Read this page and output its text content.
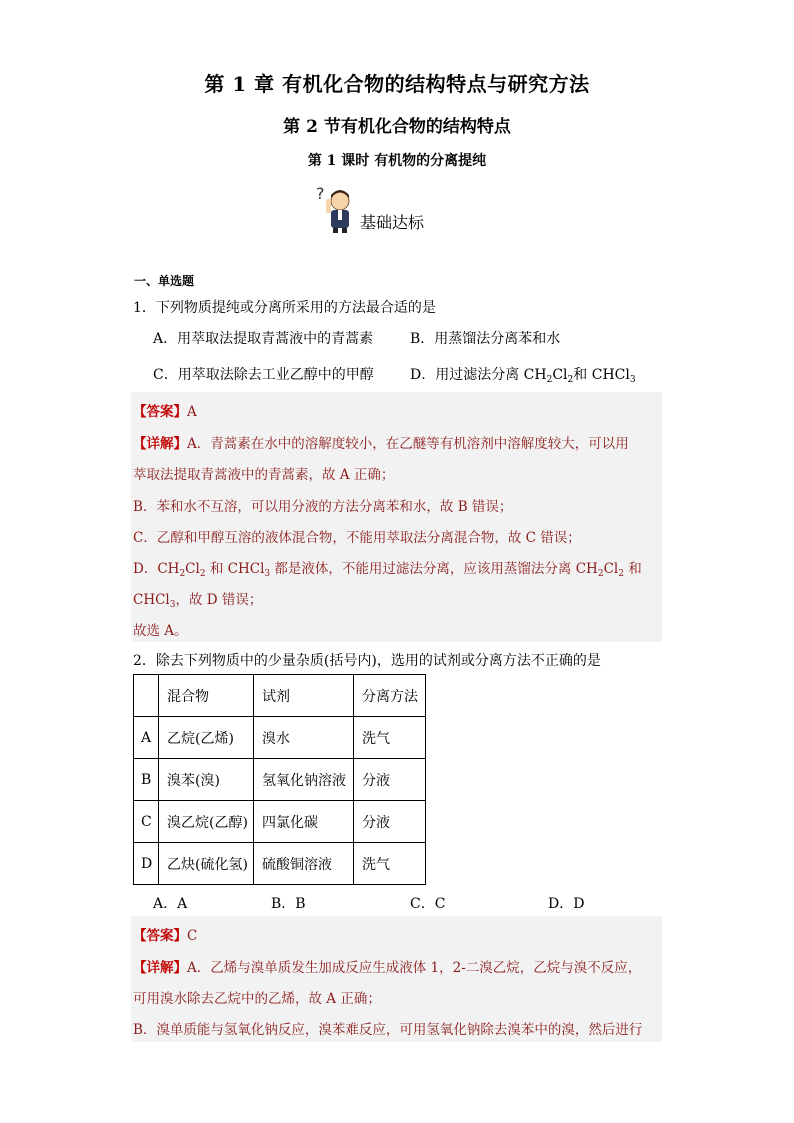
第 1 章 有机化合物的结构特点与研究方法
第 2 节有机化合物的结构特点
第 1 课时 有机物的分离提纯
?
基础达标
一、单选题
1．下列物质提纯或分离所采用的方法最合适的是
A．用萃取法提取青蒿液中的青蒿素	B．用蒸馏法分离苯和水
C．用萃取法除去工业乙醇中的甲醇	D．用过滤法分离 $CH_2Cl_2$和 CHCl$_3$
【答案】A
【详解】A．青蒿素在水中的溶解度较小，在乙醚等有机溶剂中溶解度较大，可以用
萃取法提取青蒿液中的青蒿素，故 A 正确；
B．苯和水不互溶，可以用分液的方法分离苯和水，故 B 错误；
C．乙醇和甲醇互溶的液体混合物，不能用萃取法分离混合物，故 C 错误；
D．$CH_2Cl_2$ 和 CHCl$_3$ 都是液体，不能用过滤法分离，应该用蒸馏法分离 $CH_2Cl_2$ 和
CHCl$_3$，故 D 错误；
故选 A。
2．除去下列物质中的少量杂质(括号内)，选用的试剂或分离方法不正确的是
	混合物	试剂	分离方法
A	乙烷(乙烯)	溴水	洗气
B	溴苯(溴)	氢氧化钠溶液	分液
C	溴乙烷(乙醇)	四氯化碳	分液
D	乙炔(硫化氢)	硫酸铜溶液	洗气
A．A	B．B	C．C	D．D
【答案】C
【详解】A．乙烯与溴单质发生加成反应生成液体 1，2-二溴乙烷，乙烷与溴不反应，
可用溴水除去乙烷中的乙烯，故 A 正确；
B．溴单质能与氢氧化钠反应，溴苯难反应，可用氢氧化钠除去溴苯中的溴，然后进行
